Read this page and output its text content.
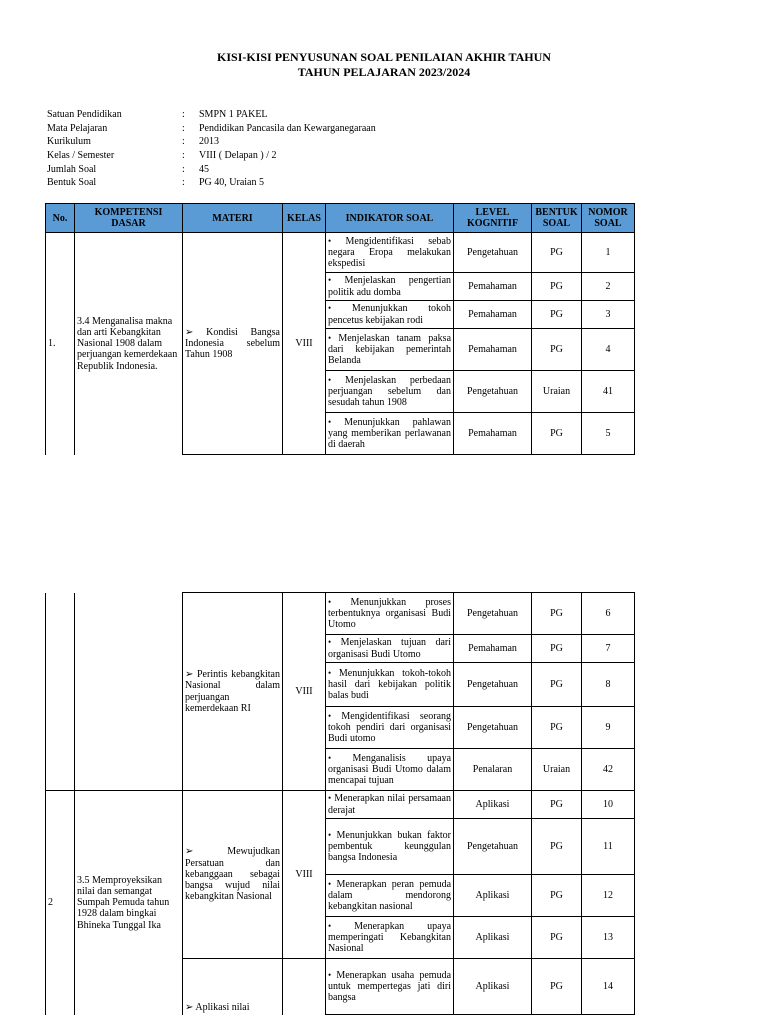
KISI-KISI PENYUSUNAN SOAL PENILAIAN AKHIR TAHUN
TAHUN PELAJARAN 2023/2024
Satuan Pendidikan	:	SMPN 1 PAKEL
Mata Pelajaran	:	Pendidikan Pancasila dan Kewarganegaraan
Kurikulum	:	2013
Kelas / Semester	:	VIII ( Delapan ) / 2
Jumlah Soal	:	45
Bentuk Soal	:	PG 40, Uraian 5
No.	KOMPETENSI DASAR	MATERI	KELAS	INDIKATOR SOAL	LEVEL KOGNITIF	BENTUK SOAL	NOMOR SOAL
1.	3.4 Menganalisa makna dan arti Kebangkitan Nasional 1908 dalam perjuangan kemerdekaan Republik Indonesia.	➢ Kondisi Bangsa Indonesia sebelum Tahun 1908	VIII	• Mengidentifikasi sebab negara Eropa melakukan ekspedisi	Pengetahuan	PG	1
				• Menjelaskan pengertian politik adu domba	Pemahaman	PG	2
				• Menunjukkan tokoh pencetus kebijakan rodi	Pemahaman	PG	3
				• Menjelaskan tanam paksa dari kebijakan pemerintah Belanda	Pemahaman	PG	4
				• Menjelaskan perbedaan perjuangan sebelum dan sesudah tahun 1908	Pengetahuan	Uraian	41
				• Menunjukkan pahlawan yang memberikan perlawanan di daerah	Pemahaman	PG	5
		➢ Perintis kebangkitan Nasional dalam perjuangan kemerdekaan RI	VIII	• Menunjukkan proses terbentuknya organisasi Budi Utomo	Pengetahuan	PG	6
				• Menjelaskan tujuan dari organisasi Budi Utomo	Pemahaman	PG	7
				• Menunjukkan tokoh-tokoh hasil dari kebijakan politik balas budi	Pengetahuan	PG	8
				• Mengidentifikasi seorang tokoh pendiri dari organisasi Budi utomo	Pengetahuan	PG	9
				• Menganalisis upaya organisasi Budi Utomo dalam mencapai tujuan	Penalaran	Uraian	42
2	3.5 Memproyeksikan nilai dan semangat Sumpah Pemuda tahun 1928 dalam bingkai Bhineka Tunggal Ika	➢ Mewujudkan Persatuan dan kebanggaan sebagai bangsa wujud nilai kebangkitan Nasional	VIII	• Menerapkan nilai persamaan derajat	Aplikasi	PG	10
				• Menunjukkan bukan faktor pembentuk keunggulan bangsa Indonesia	Pengetahuan	PG	11
				• Menerapkan peran pemuda dalam mendorong kebangkitan nasional	Aplikasi	PG	12
				• Menerapkan upaya memperingati Kebangkitan Nasional	Aplikasi	PG	13
		➢ Aplikasi nilai		• Menerapkan usaha pemuda untuk mempertegas jati diri bangsa	Aplikasi	PG	14
